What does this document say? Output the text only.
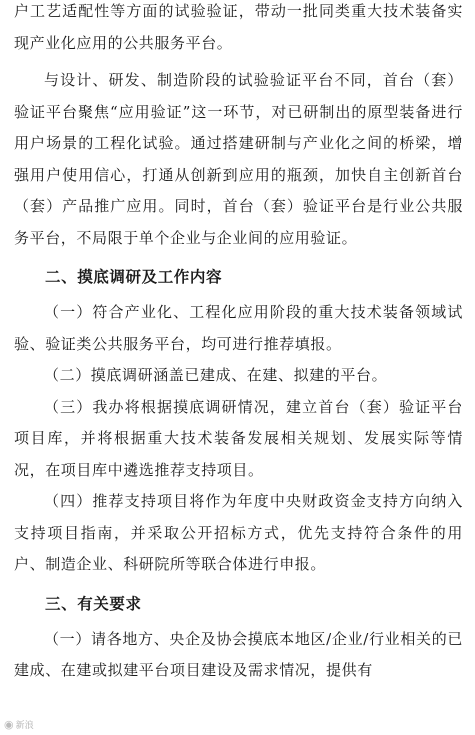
户工艺适配性等方面的试验验证，带动一批同类重大技术装备实现产业化应用的公共服务平台。

与设计、研发、制造阶段的试验验证平台不同，首台（套）验证平台聚焦“应用验证”这一环节，对已研制出的原型装备进行用户场景的工程化试验。通过搭建研制与产业化之间的桥梁，增强用户使用信心，打通从创新到应用的瓶颈，加快自主创新首台（套）产品推广应用。同时，首台（套）验证平台是行业公共服务平台，不局限于单个企业与企业间的应用验证。

二、摸底调研及工作内容

（一）符合产业化、工程化应用阶段的重大技术装备领域试验、验证类公共服务平台，均可进行推荐填报。

（二）摸底调研涵盖已建成、在建、拟建的平台。

（三）我办将根据摸底调研情况，建立首台（套）验证平台项目库，并将根据重大技术装备发展相关规划、发展实际等情况，在项目库中遴选推荐支持项目。

（四）推荐支持项目将作为年度中央财政资金支持方向纳入支持项目指南，并采取公开招标方式，优先支持符合条件的用户、制造企业、科研院所等联合体进行申报。

三、有关要求

（一）请各地方、央企及协会摸底本地区/企业/行业相关的已建成、在建或拟建平台项目建设及需求情况，提供有

◉ 新浪
